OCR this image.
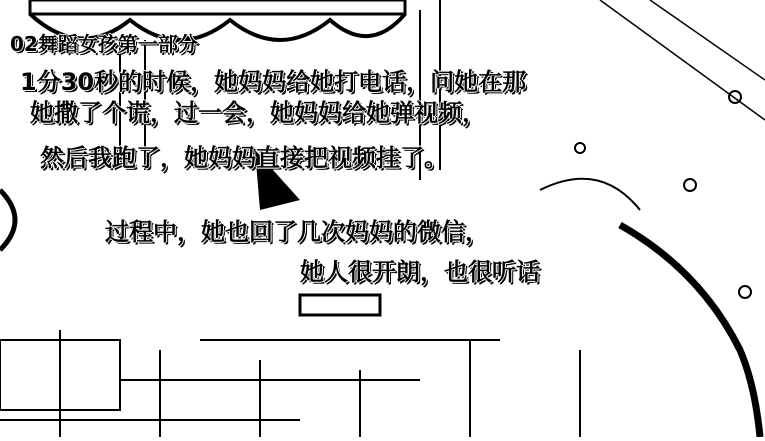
02舞蹈女孩第一部分
1分30秒的时候，她妈妈给她打电话，问她在那
她撒了个谎，过一会，她妈妈给她弹视频，
然后我跑了，她妈妈直接把视频挂了。
过程中，她也回了几次妈妈的微信，
她人很开朗，也很听话
